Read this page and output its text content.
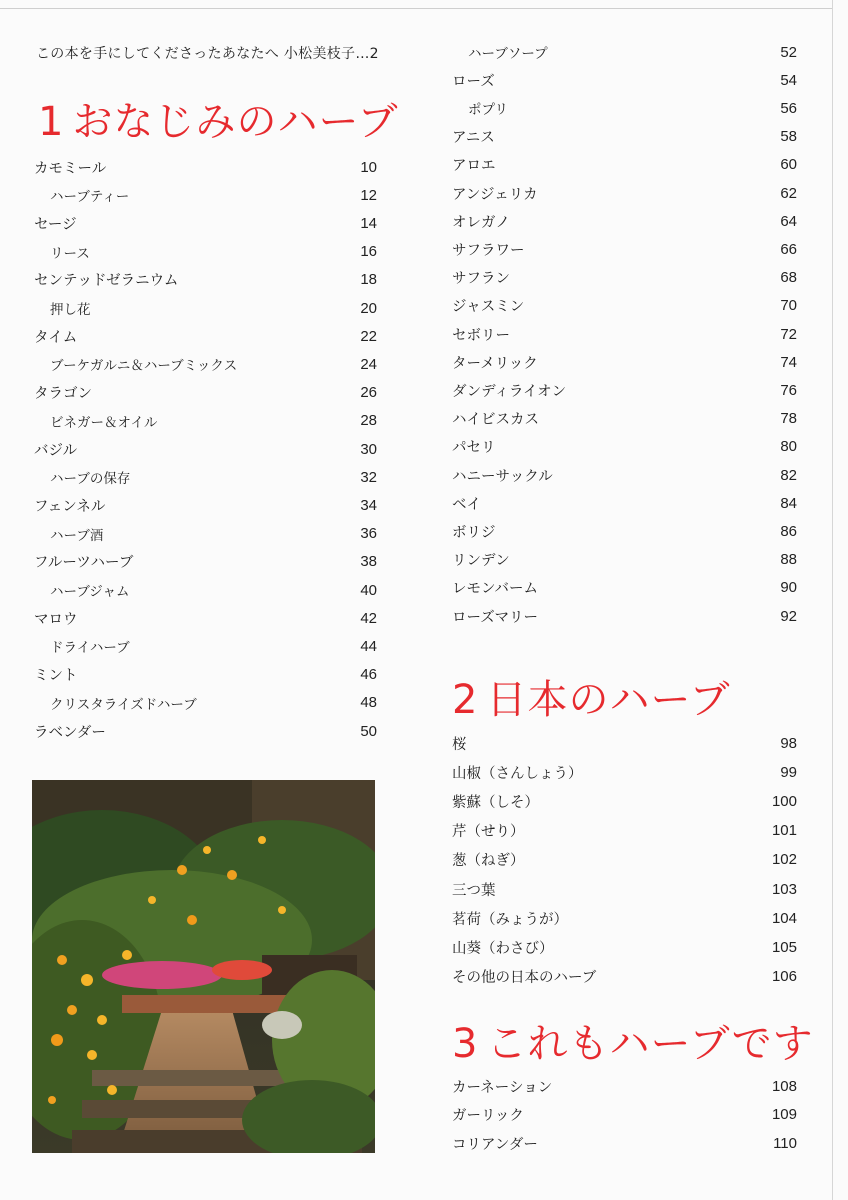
この本を手にしてくださったあなたへ 小松美枝子…2
1 おなじみのハーブ
2 日本のハーブ
3 これもハーブです
カモミール	10
ハーブティー	12
セージ	14
リース	16
センテッドゼラニウム	18
押し花	20
タイム	22
ブーケガルニ＆ハーブミックス	24
タラゴン	26
ビネガー＆オイル	28
バジル	30
ハーブの保存	32
フェンネル	34
ハーブ酒	36
フルーツハーブ	38
ハーブジャム	40
マロウ	42
ドライハーブ	44
ミント	46
クリスタライズドハーブ	48
ラベンダー	50
ハーブソープ	52
ローズ	54
ポプリ	56
アニス	58
アロエ	60
アンジェリカ	62
オレガノ	64
サフラワー	66
サフラン	68
ジャスミン	70
セボリー	72
ターメリック	74
ダンディライオン	76
ハイビスカス	78
パセリ	80
ハニーサックル	82
ベイ	84
ボリジ	86
リンデン	88
レモンバーム	90
ローズマリー	92
桜	98
山椒（さんしょう）	99
紫蘇（しそ）	100
芹（せり）	101
葱（ねぎ）	102
三つ葉	103
茗荷（みょうが）	104
山葵（わさび）	105
その他の日本のハーブ	106
カーネーション	108
ガーリック	109
コリアンダー	110
